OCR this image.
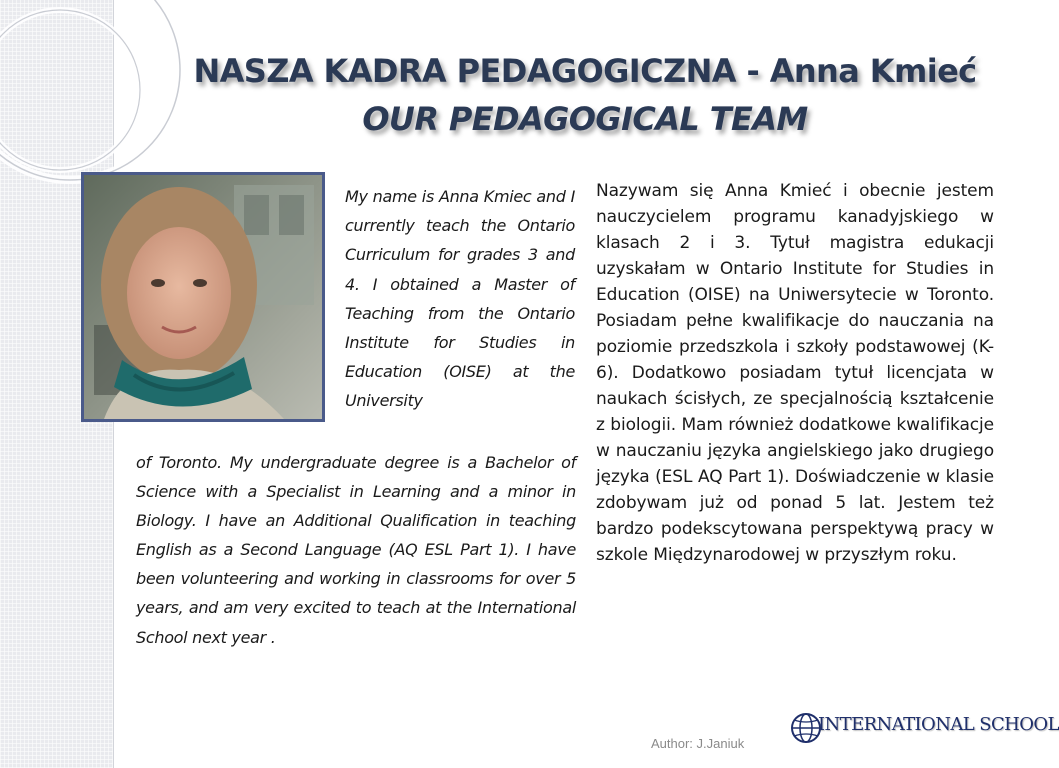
NASZA KADRA PEDAGOGICZNA - Anna Kmieć
OUR PEDAGOGICAL TEAM

My name is Anna Kmiec and I currently teach the Ontario Curriculum for grades 3 and 4. I obtained a Master of Teaching from the Ontario Institute for Studies in Education (OISE) at the University

of Toronto. My undergraduate degree is a Bachelor of Science with a Specialist in Learning and a minor in Biology. I have an Additional Qualification in teaching English as a Second Language (AQ ESL Part 1). I have been volunteering and working in classrooms for over 5 years, and am very excited to teach at the International School next year .

Nazywam się Anna Kmieć i obecnie jestem nauczycielem programu kanadyjskiego w klasach 2 i 3. Tytuł magistra edukacji uzyskałam w Ontario Institute for Studies in Education (OISE) na Uniwersytecie w Toronto. Posiadam pełne kwalifikacje do nauczania na poziomie przedszkola i szkoły podstawowej (K-6). Dodatkowo posiadam tytuł licencjata w naukach ścisłych, ze specjalnością kształcenie z biologii. Mam również dodatkowe kwalifikacje w nauczaniu języka angielskiego jako drugiego języka (ESL AQ Part 1). Doświadczenie w klasie zdobywam już od ponad 5 lat. Jestem też bardzo podekscytowana perspektywą pracy w szkole Międzynarodowej w przyszłym roku.

Author: J.Janiuk
INTERNATIONAL SCHOOL
